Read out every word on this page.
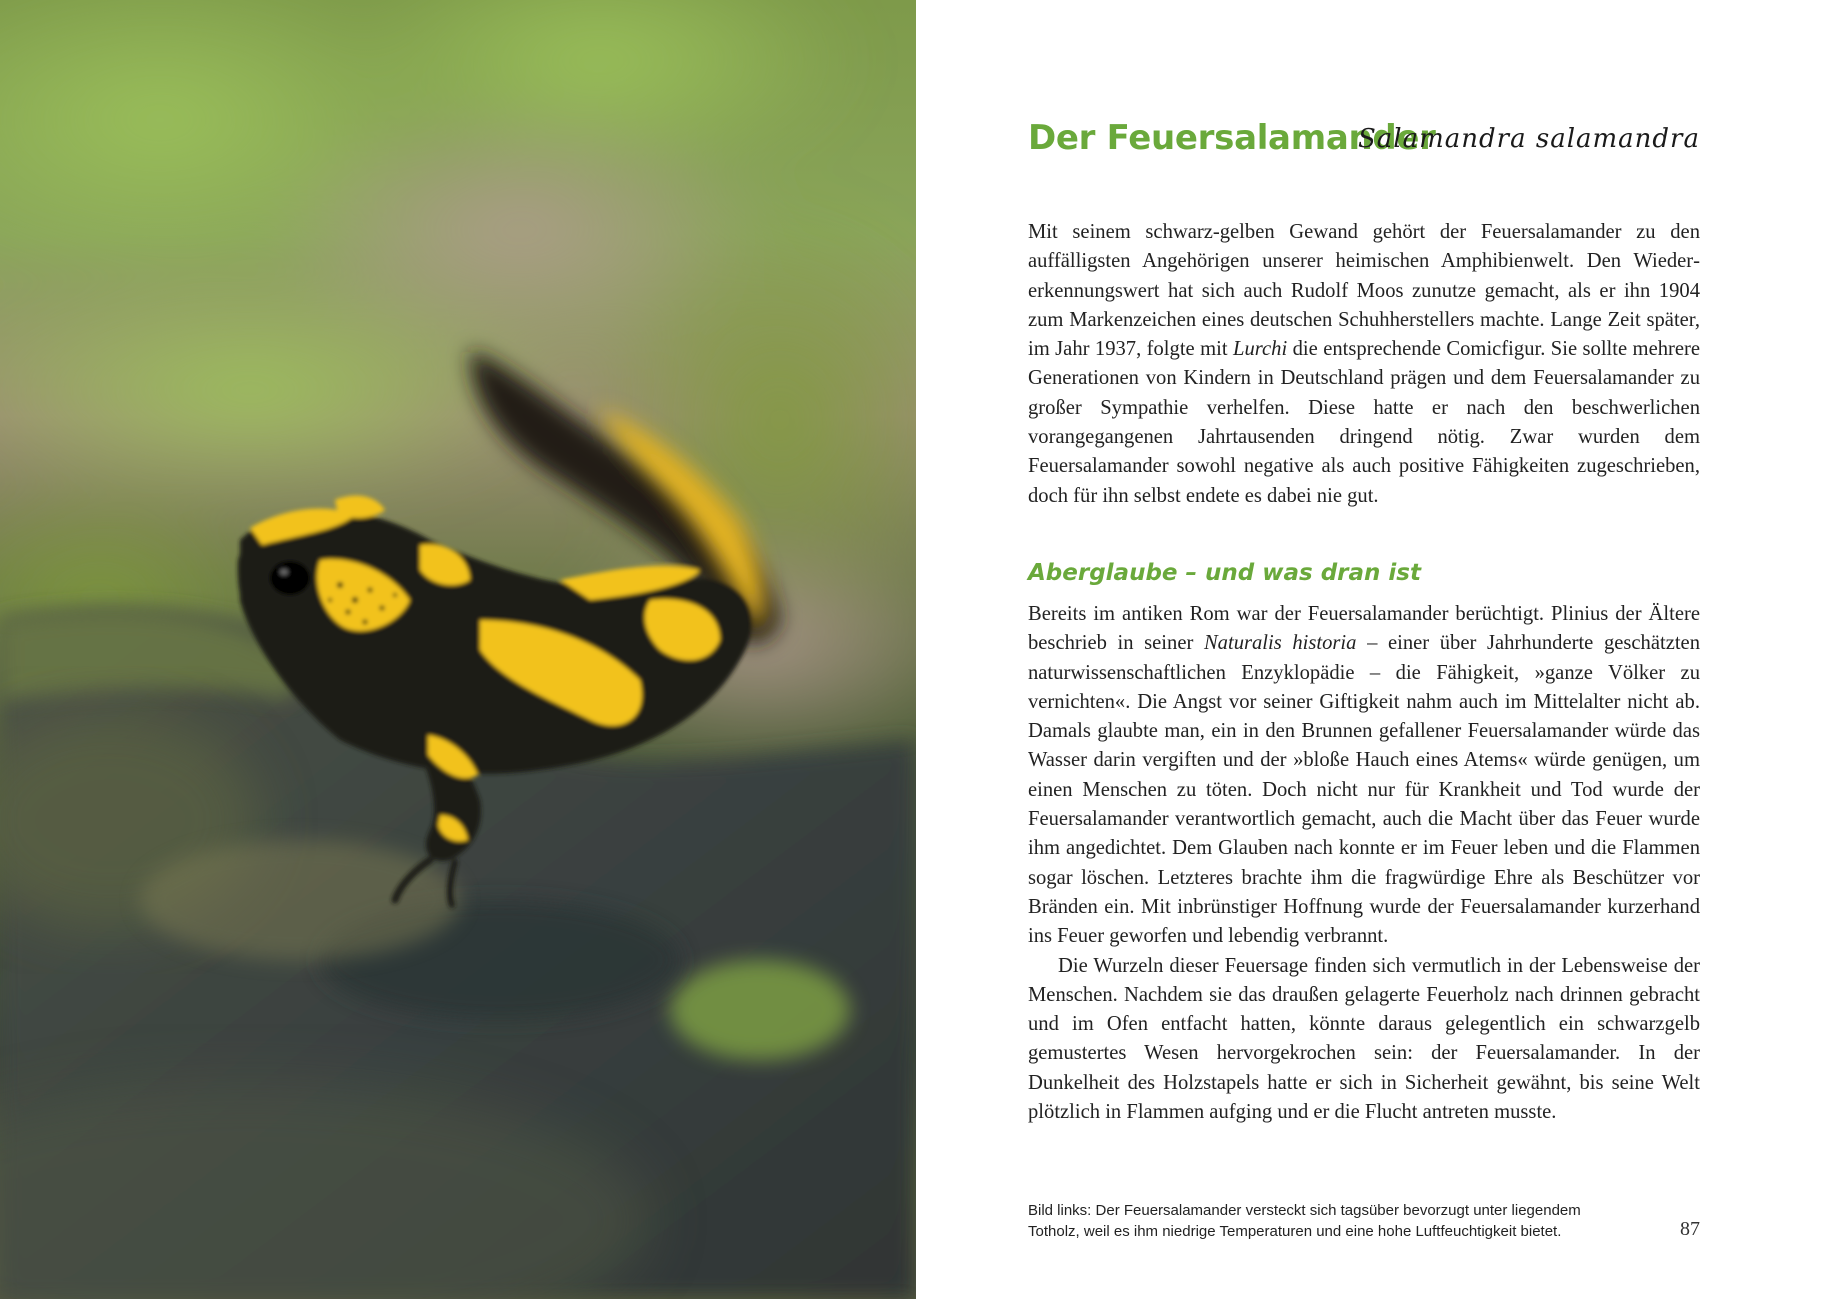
Der Feuersalamander
Salamandra salamandra

Mit seinem schwarz-gelben Gewand gehört der Feuersalamander zu den auffälligsten Angehörigen unserer heimischen Amphibienwelt. Den Wiedererkennungswert hat sich auch Rudolf Moos zunutze gemacht, als er ihn 1904 zum Markenzeichen eines deutschen Schuhherstellers machte. Lange Zeit später, im Jahr 1937, folgte mit Lurchi die entsprechende Comicfigur. Sie sollte mehrere Generationen von Kindern in Deutschland prägen und dem Feuersalamander zu großer Sympathie verhelfen. Diese hatte er nach den beschwerlichen vorangegangenen Jahrtausenden dringend nötig. Zwar wurden dem Feuersalamander sowohl negative als auch positive Fähigkeiten zugeschrieben, doch für ihn selbst endete es dabei nie gut.

Aberglaube – und was dran ist

Bereits im antiken Rom war der Feuersalamander berüchtigt. Plinius der Ältere beschrieb in seiner Naturalis historia – einer über Jahrhunderte geschätzten naturwissenschaftlichen Enzyklopädie – die Fähigkeit, »ganze Völker zu vernichten«. Die Angst vor seiner Giftigkeit nahm auch im Mittelalter nicht ab. Damals glaubte man, ein in den Brunnen gefallener Feuersalamander würde das Wasser darin vergiften und der »bloße Hauch eines Atems« würde genügen, um einen Menschen zu töten. Doch nicht nur für Krankheit und Tod wurde der Feuersalamander verantwortlich gemacht, auch die Macht über das Feuer wurde ihm angedichtet. Dem Glauben nach konnte er im Feuer leben und die Flammen sogar löschen. Letzteres brachte ihm die fragwürdige Ehre als Beschützer vor Bränden ein. Mit inbrünstiger Hoffnung wurde der Feuersalamander kurzerhand ins Feuer geworfen und lebendig verbrannt.

Die Wurzeln dieser Feuersage finden sich vermutlich in der Lebensweise der Menschen. Nachdem sie das draußen gelagerte Feuerholz nach drinnen gebracht und im Ofen entfacht hatten, könnte daraus gelegentlich ein schwarzgelb gemustertes Wesen hervorgekrochen sein: der Feuersalamander. In der Dunkelheit des Holzstapels hatte er sich in Sicherheit gewähnt, bis seine Welt plötzlich in Flammen aufging und er die Flucht antreten musste.

Bild links: Der Feuersalamander versteckt sich tagsüber bevorzugt unter liegendem Totholz, weil es ihm niedrige Temperaturen und eine hohe Luftfeuchtigkeit bietet.	87
